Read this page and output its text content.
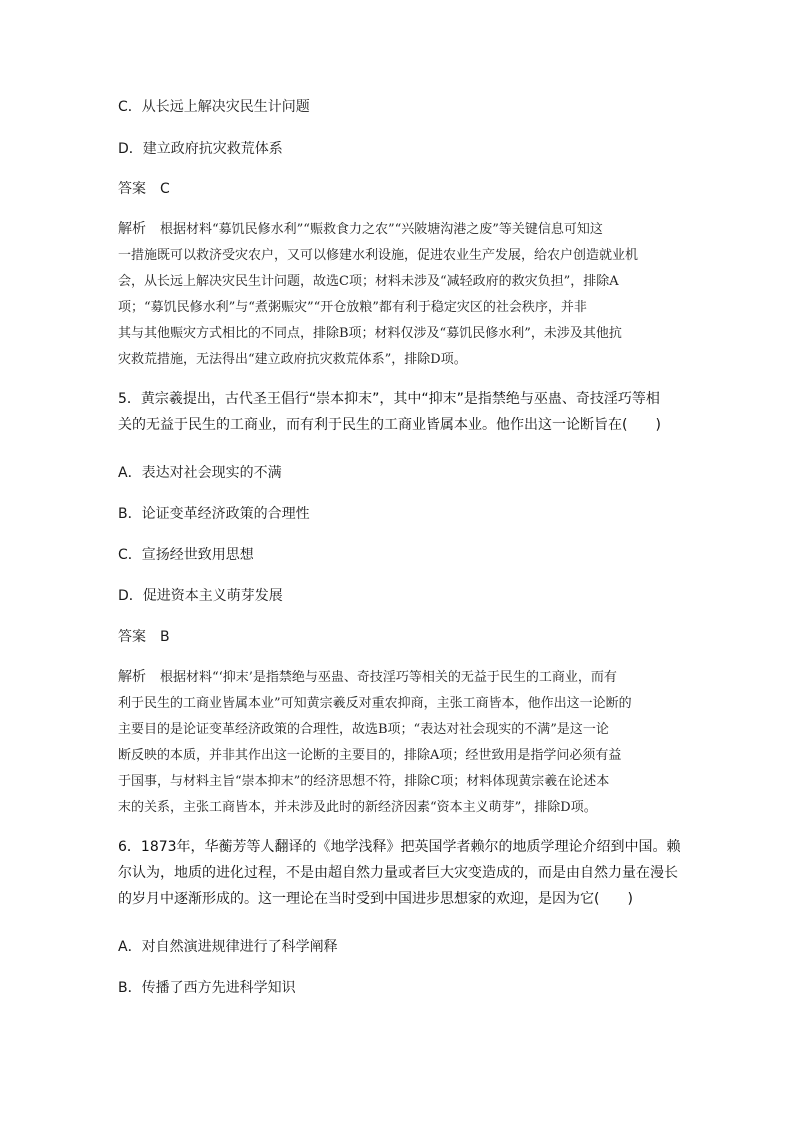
C．从长远上解决灾民生计问题
D．建立政府抗灾救荒体系
答案 C
解析 根据材料“募饥民修水利”“赈救食力之农”“兴陂塘沟港之废”等关键信息可知这
一措施既可以救济受灾农户，又可以修建水利设施，促进农业生产发展，给农户创造就业机
会，从长远上解决灾民生计问题，故选C项；材料未涉及“减轻政府的救灾负担”，排除A
项；“募饥民修水利”与“煮粥赈灾”“开仓放粮”都有利于稳定灾区的社会秩序，并非
其与其他赈灾方式相比的不同点，排除B项；材料仅涉及“募饥民修水利”，未涉及其他抗
灾救荒措施，无法得出“建立政府抗灾救荒体系”，排除D项。
5．黄宗羲提出，古代圣王倡行“崇本抑末”，其中“抑末”是指禁绝与巫蛊、奇技淫巧等相
关的无益于民生的工商业，而有利于民生的工商业皆属本业。他作出这一论断旨在(　　)
A．表达对社会现实的不满
B．论证变革经济政策的合理性
C．宣扬经世致用思想
D．促进资本主义萌芽发展
答案 B
解析 根据材料“‘抑末’是指禁绝与巫蛊、奇技淫巧等相关的无益于民生的工商业，而有
利于民生的工商业皆属本业”可知黄宗羲反对重农抑商，主张工商皆本，他作出这一论断的
主要目的是论证变革经济政策的合理性，故选B项；“表达对社会现实的不满”是这一论
断反映的本质，并非其作出这一论断的主要目的，排除A项；经世致用是指学问必须有益
于国事，与材料主旨“崇本抑末”的经济思想不符，排除C项；材料体现黄宗羲在论述本
末的关系，主张工商皆本，并未涉及此时的新经济因素“资本主义萌芽”，排除D项。
6．1873年，华蘅芳等人翻译的《地学浅释》把英国学者赖尔的地质学理论介绍到中国。赖
尔认为，地质的进化过程，不是由超自然力量或者巨大灾变造成的，而是由自然力量在漫长
的岁月中逐渐形成的。这一理论在当时受到中国进步思想家的欢迎，是因为它(　　)
A．对自然演进规律进行了科学阐释
B．传播了西方先进科学知识
